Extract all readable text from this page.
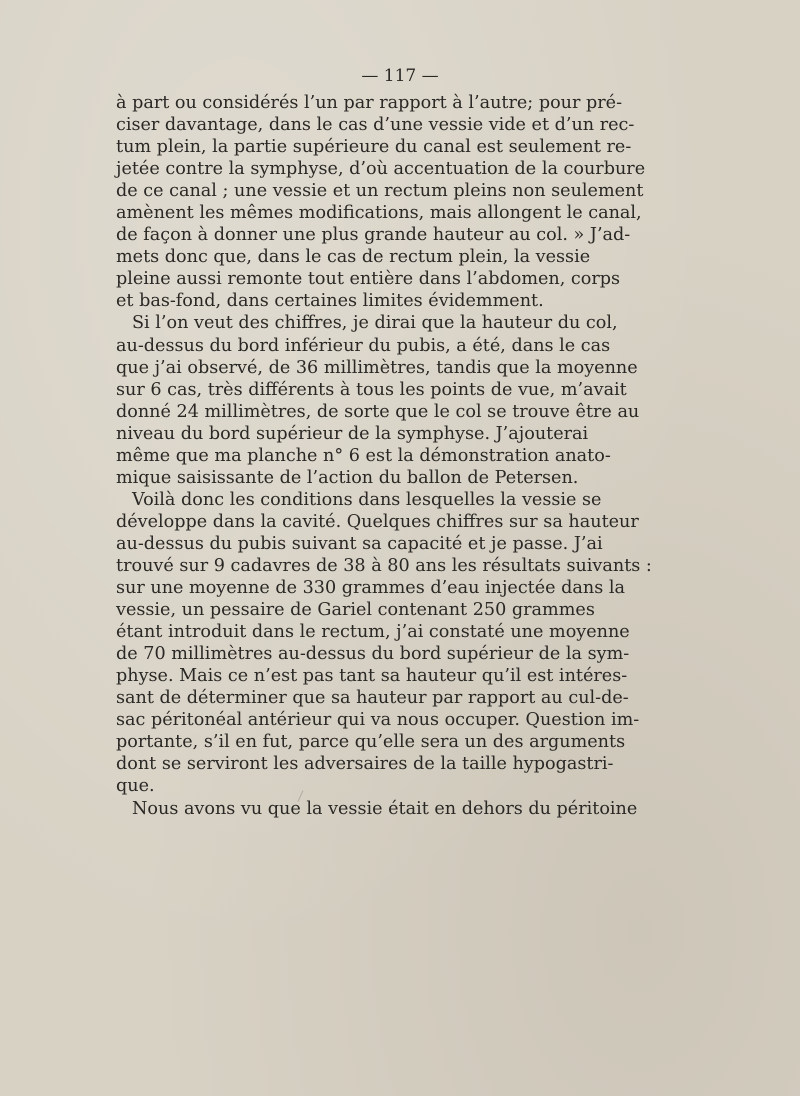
— 117 —
à part ou considérés l’un par rapport à l’autre; pour pré-
ciser davantage, dans le cas d’une vessie vide et d’un rec-
tum plein, la partie supérieure du canal est seulement re-
jetée contre la symphyse, d’où accentuation de la courbure
de ce canal ; une vessie et un rectum pleins non seulement
amènent les mêmes modifications, mais allongent le canal,
de façon à donner une plus grande hauteur au col. » J’ad-
mets donc que, dans le cas de rectum plein, la vessie
pleine aussi remonte tout entière dans l’abdomen, corps
et bas-fond, dans certaines limites évidemment.
Si l’on veut des chiffres, je dirai que la hauteur du col,
au-dessus du bord inférieur du pubis, a été, dans le cas
que j’ai observé, de 36 millimètres, tandis que la moyenne
sur 6 cas, très différents à tous les points de vue, m’avait
donné 24 millimètres, de sorte que le col se trouve être au
niveau du bord supérieur de la symphyse. J’ajouterai
même que ma planche n° 6 est la démonstration anato-
mique saisissante de l’action du ballon de Petersen.
Voilà donc les conditions dans lesquelles la vessie se
développe dans la cavité. Quelques chiffres sur sa hauteur
au-dessus du pubis suivant sa capacité et je passe. J’ai
trouvé sur 9 cadavres de 38 à 80 ans les résultats suivants :
sur une moyenne de 330 grammes d’eau injectée dans la
vessie, un pessaire de Gariel contenant 250 grammes
étant introduit dans le rectum, j’ai constaté une moyenne
de 70 millimètres au-dessus du bord supérieur de la sym-
physe. Mais ce n’est pas tant sa hauteur qu’il est intéres-
sant de déterminer que sa hauteur par rapport au cul-de-
sac péritonéal antérieur qui va nous occuper. Question im-
portante, s’il en fut, parce qu’elle sera un des arguments
dont se serviront les adversaires de la taille hypogastri-
que.
Nous avons vu que la vessie était en dehors du péritoine
